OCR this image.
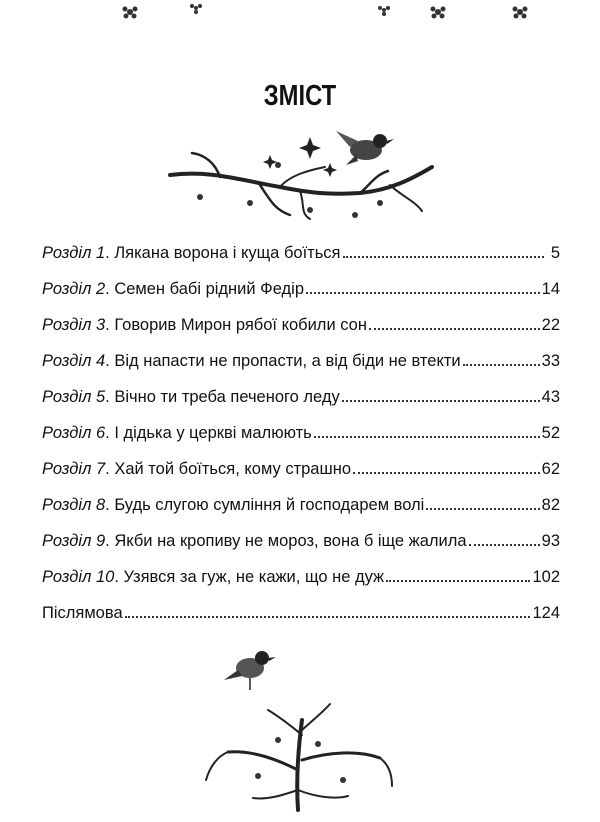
ЗМІСТ
Розділ 1 . Лякана ворона і куща боїться	5
Розділ 2 . Семен бабі рідний Федір	14
Розділ 3 . Говорив Мирон рябої кобили сон	22
Розділ 4 . Від напасти не пропасти, а від біди не втекти	33
Розділ 5 . Вічно ти треба печеного леду	43
Розділ 6 . І дідька у церкві малюють	52
Розділ 7 . Хай той боїться, кому страшно	62
Розділ 8 . Будь слугою сумління й господарем волі	82
Розділ 9 . Якби на кропиву не мороз, вона б іще жалила	93
Розділ 10 . Узявся за гуж, не кажи, що не дуж	102
Післямова	124
